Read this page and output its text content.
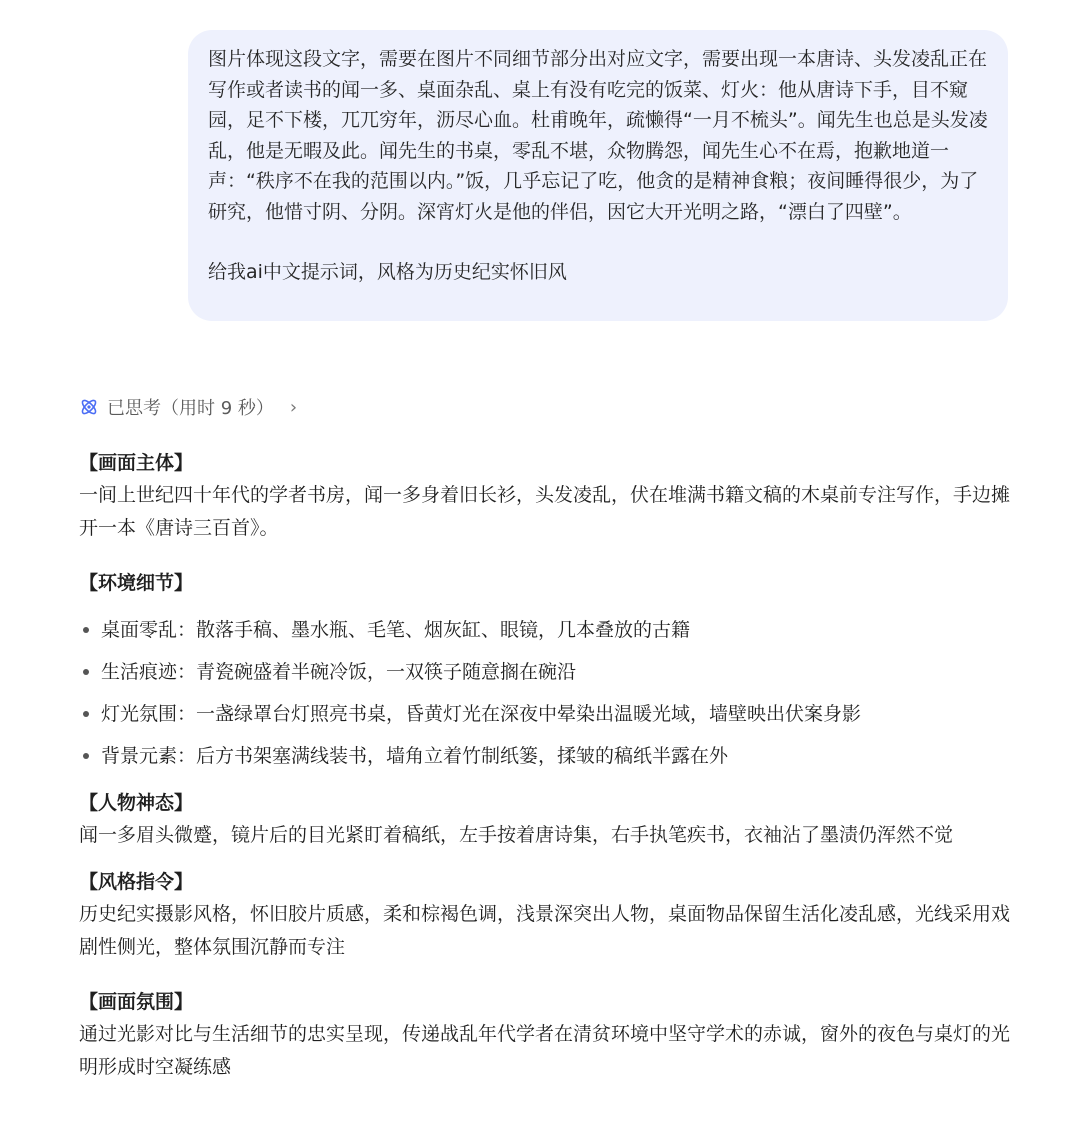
图片体现这段文字，需要在图片不同细节部分出对应文字，需要出现一本唐诗、头发凌乱正在写作或者读书的闻一多、桌面杂乱、桌上有没有吃完的饭菜、灯火：他从唐诗下手，目不窥园，足不下楼，兀兀穷年，沥尽心血。杜甫晚年，疏懒得“一月不梳头”。闻先生也总是头发凌乱，他是无暇及此。闻先生的书桌，零乱不堪，众物腾怨，闻先生心不在焉，抱歉地道一声：“秩序不在我的范围以内。”饭，几乎忘记了吃，他贪的是精神食粮；夜间睡得很少，为了研究，他惜寸阴、分阴。深宵灯火是他的伴侣，因它大开光明之路，“漂白了四壁”。

给我ai中文提示词，风格为历史纪实怀旧风

已思考（用时 9 秒） ›

【画面主体】

一间上世纪四十年代的学者书房，闻一多身着旧长衫，头发凌乱，伏在堆满书籍文稿的木桌前专注写作，手边摊开一本《唐诗三百首》。

【环境细节】

桌面零乱：散落手稿、墨水瓶、毛笔、烟灰缸、眼镜，几本叠放的古籍
生活痕迹：青瓷碗盛着半碗冷饭，一双筷子随意搁在碗沿
灯光氛围：一盏绿罩台灯照亮书桌，昏黄灯光在深夜中晕染出温暖光域，墙壁映出伏案身影
背景元素：后方书架塞满线装书，墙角立着竹制纸篓，揉皱的稿纸半露在外

【人物神态】

闻一多眉头微蹙，镜片后的目光紧盯着稿纸，左手按着唐诗集，右手执笔疾书，衣袖沾了墨渍仍浑然不觉

【风格指令】

历史纪实摄影风格，怀旧胶片质感，柔和棕褐色调，浅景深突出人物，桌面物品保留生活化凌乱感，光线采用戏剧性侧光，整体氛围沉静而专注

【画面氛围】

通过光影对比与生活细节的忠实呈现，传递战乱年代学者在清贫环境中坚守学术的赤诚，窗外的夜色与桌灯的光明形成时空凝练感
